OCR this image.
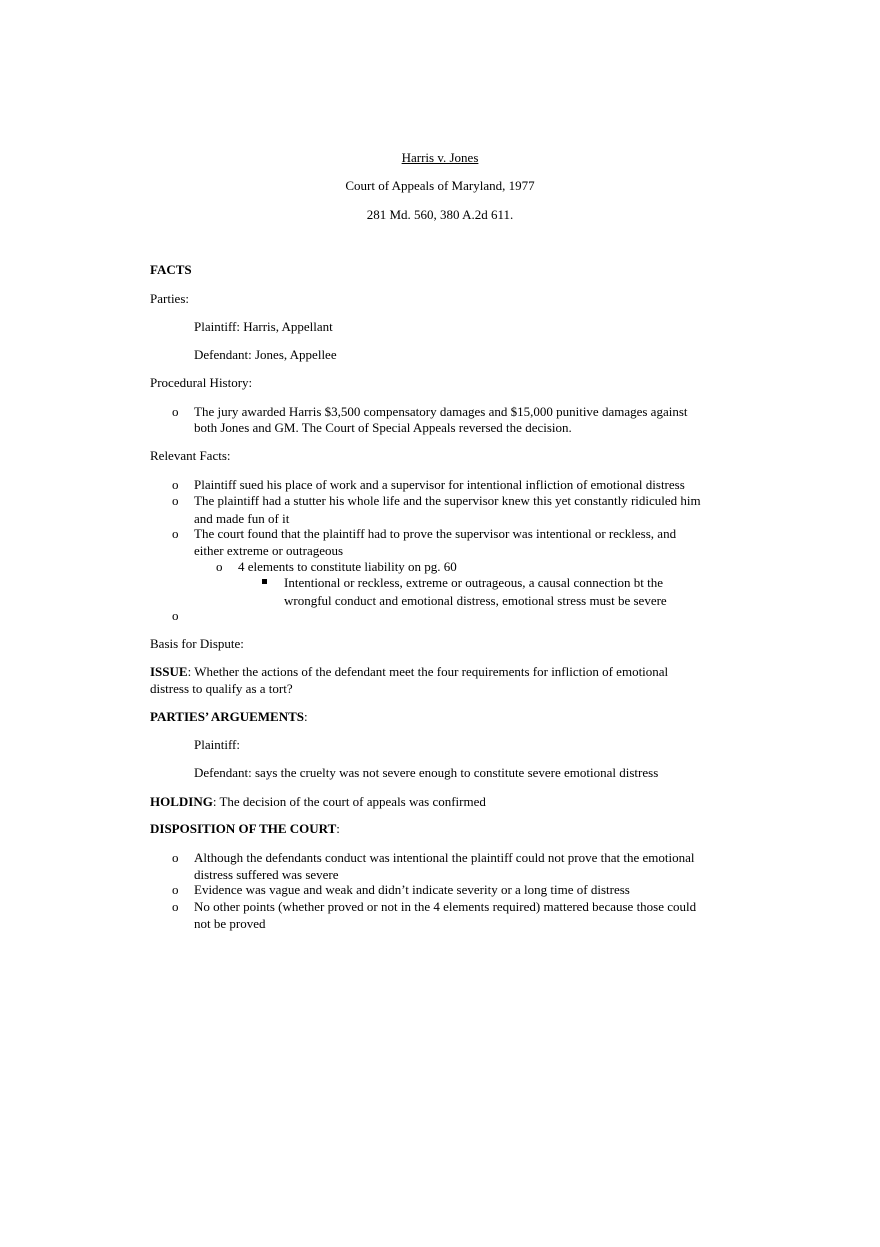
Harris v. Jones
Court of Appeals of Maryland, 1977
281 Md. 560, 380 A.2d 611.
FACTS
Parties:
Plaintiff: Harris, Appellant
Defendant: Jones, Appellee
Procedural History:
o The jury awarded Harris $3,500 compensatory damages and $15,000 punitive damages against
both Jones and GM. The Court of Special Appeals reversed the decision.
Relevant Facts:
o Plaintiff sued his place of work and a supervisor for intentional infliction of emotional distress
o The plaintiff had a stutter his whole life and the supervisor knew this yet constantly ridiculed him
and made fun of it
o The court found that the plaintiff had to prove the supervisor was intentional or reckless, and
either extreme or outrageous
o 4 elements to constitute liability on pg. 60
Intentional or reckless, extreme or outrageous, a causal connection bt the
wrongful conduct and emotional distress, emotional stress must be severe
o
Basis for Dispute:
ISSUE: Whether the actions of the defendant meet the four requirements for infliction of emotional
distress to qualify as a tort?
PARTIES’ ARGUEMENTS:
Plaintiff:
Defendant: says the cruelty was not severe enough to constitute severe emotional distress
HOLDING: The decision of the court of appeals was confirmed
DISPOSITION OF THE COURT:
o Although the defendants conduct was intentional the plaintiff could not prove that the emotional
distress suffered was severe
o Evidence was vague and weak and didn’t indicate severity or a long time of distress
o No other points (whether proved or not in the 4 elements required) mattered because those could
not be proved
